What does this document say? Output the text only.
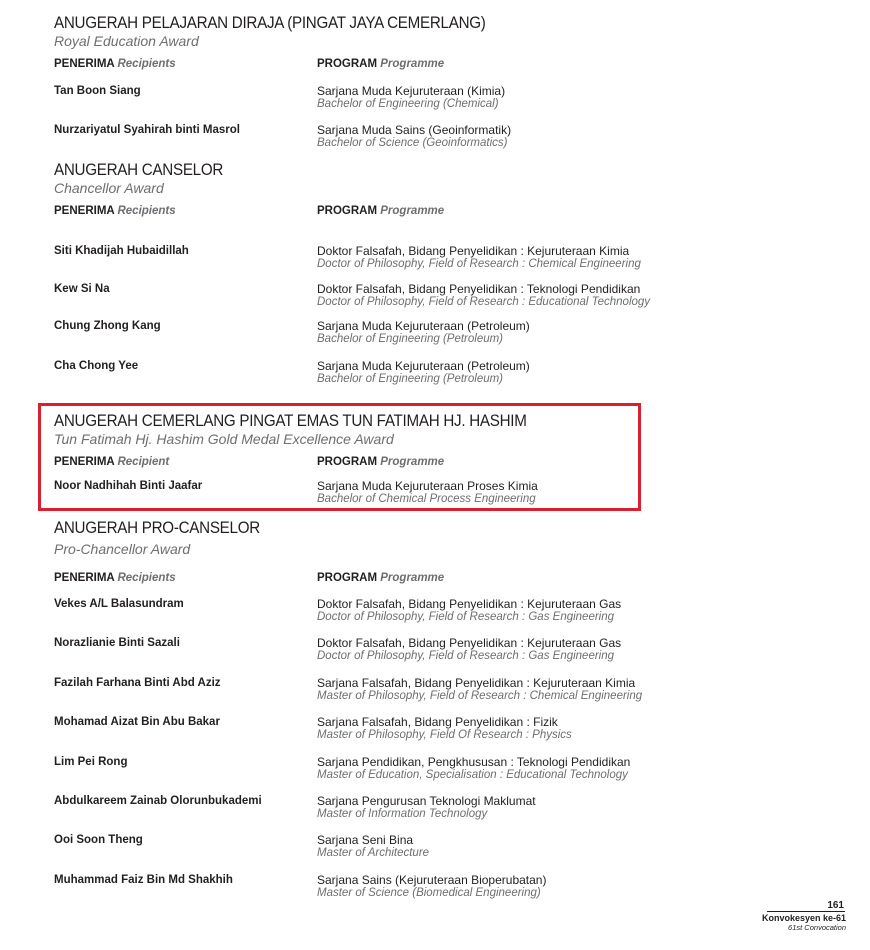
ANUGERAH PELAJARAN DIRAJA (PINGAT JAYA CEMERLANG)
Royal Education Award
PENERIMA Recipients	PROGRAM Programme
Tan Boon Siang	Sarjana Muda Kejuruteraan (Kimia)
Bachelor of Engineering (Chemical)
Nurzariyatul Syahirah binti Masrol	Sarjana Muda Sains (Geoinformatik)
Bachelor of Science (Geoinformatics)
ANUGERAH CANSELOR
Chancellor Award
PENERIMA Recipients	PROGRAM Programme
Siti Khadijah Hubaidillah	Doktor Falsafah, Bidang Penyelidikan : Kejuruteraan Kimia
Doctor of Philosophy, Field of Research : Chemical Engineering
Kew Si Na	Doktor Falsafah, Bidang Penyelidikan : Teknologi Pendidikan
Doctor of Philosophy, Field of Research : Educational Technology
Chung Zhong Kang	Sarjana Muda Kejuruteraan (Petroleum)
Bachelor of Engineering (Petroleum)
Cha Chong Yee	Sarjana Muda Kejuruteraan (Petroleum)
Bachelor of Engineering (Petroleum)
ANUGERAH CEMERLANG PINGAT EMAS TUN FATIMAH HJ. HASHIM
Tun Fatimah Hj. Hashim Gold Medal Excellence Award
PENERIMA Recipient	PROGRAM Programme
Noor Nadhihah Binti Jaafar	Sarjana Muda Kejuruteraan Proses Kimia
Bachelor of Chemical Process Engineering
ANUGERAH PRO-CANSELOR
Pro-Chancellor Award
PENERIMA Recipients	PROGRAM Programme
Vekes A/L Balasundram	Doktor Falsafah, Bidang Penyelidikan : Kejuruteraan Gas
Doctor of Philosophy, Field of Research : Gas Engineering
Norazlianie Binti Sazali	Doktor Falsafah, Bidang Penyelidikan : Kejuruteraan Gas
Doctor of Philosophy, Field of Research : Gas Engineering
Fazilah Farhana Binti Abd Aziz	Sarjana Falsafah, Bidang Penyelidikan : Kejuruteraan Kimia
Master of Philosophy, Field of Research : Chemical Engineering
Mohamad Aizat Bin Abu Bakar	Sarjana Falsafah, Bidang Penyelidikan : Fizik
Master of Philosophy, Field Of Research : Physics
Lim Pei Rong	Sarjana Pendidikan, Pengkhususan : Teknologi Pendidikan
Master of Education, Specialisation : Educational Technology
Abdulkareem Zainab Olorunbukademi	Sarjana Pengurusan Teknologi Maklumat
Master of Information Technology
Ooi Soon Theng	Sarjana Seni Bina
Master of Architecture
Muhammad Faiz Bin Md Shakhih	Sarjana Sains (Kejuruteraan Bioperubatan)
Master of Science (Biomedical Engineering)
161
Konvokesyen ke-61
61st Convocation
